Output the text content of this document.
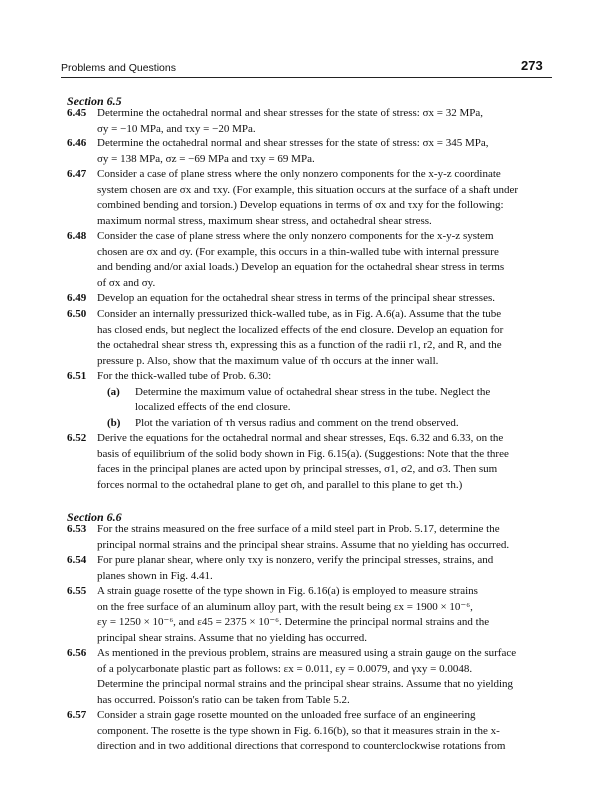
Problems and Questions	273
Section 6.5
6.45 Determine the octahedral normal and shear stresses for the state of stress: σx = 32 MPa,
σy = −10 MPa, and τxy = −20 MPa.
6.46 Determine the octahedral normal and shear stresses for the state of stress: σx = 345 MPa,
σy = 138 MPa, σz = −69 MPa and τxy = 69 MPa.
6.47 Consider a case of plane stress where the only nonzero components for the x-y-z coordinate
system chosen are σx and τxy. (For example, this situation occurs at the surface of a shaft under
combined bending and torsion.) Develop equations in terms of σx and τxy for the following:
maximum normal stress, maximum shear stress, and octahedral shear stress.
6.48 Consider the case of plane stress where the only nonzero components for the x-y-z system
chosen are σx and σy. (For example, this occurs in a thin-walled tube with internal pressure
and bending and/or axial loads.) Develop an equation for the octahedral shear stress in terms
of σx and σy.
6.49 Develop an equation for the octahedral shear stress in terms of the principal shear stresses.
6.50 Consider an internally pressurized thick-walled tube, as in Fig. A.6(a). Assume that the tube
has closed ends, but neglect the localized effects of the end closure. Develop an equation for
the octahedral shear stress τh, expressing this as a function of the radii r1, r2, and R, and the
pressure p. Also, show that the maximum value of τh occurs at the inner wall.
6.51 For the thick-walled tube of Prob. 6.30:
(a)	Determine the maximum value of octahedral shear stress in the tube. Neglect the
localized effects of the end closure.
(b)	Plot the variation of τh versus radius and comment on the trend observed.
6.52 Derive the equations for the octahedral normal and shear stresses, Eqs. 6.32 and 6.33, on the
basis of equilibrium of the solid body shown in Fig. 6.15(a). (Suggestions: Note that the three
faces in the principal planes are acted upon by principal stresses, σ1, σ2, and σ3. Then sum
forces normal to the octahedral plane to get σh, and parallel to this plane to get τh.)
Section 6.6
6.53 For the strains measured on the free surface of a mild steel part in Prob. 5.17, determine the
principal normal strains and the principal shear strains. Assume that no yielding has occurred.
6.54 For pure planar shear, where only τxy is nonzero, verify the principal stresses, strains, and
planes shown in Fig. 4.41.
6.55 A strain guage rosette of the type shown in Fig. 6.16(a) is employed to measure strains
on the free surface of an aluminum alloy part, with the result being εx = 1900 × 10⁻⁶,
εy = 1250 × 10⁻⁶, and ε45 = 2375 × 10⁻⁶. Determine the principal normal strains and the
principal shear strains. Assume that no yielding has occurred.
6.56 As mentioned in the previous problem, strains are measured using a strain gauge on the surface
of a polycarbonate plastic part as follows: εx = 0.011, εy = 0.0079, and γxy = 0.0048.
Determine the principal normal strains and the principal shear strains. Assume that no yielding
has occurred. Poisson's ratio can be taken from Table 5.2.
6.57 Consider a strain gage rosette mounted on the unloaded free surface of an engineering
component. The rosette is the type shown in Fig. 6.16(b), so that it measures strain in the x-
direction and in two additional directions that correspond to counterclockwise rotations from
